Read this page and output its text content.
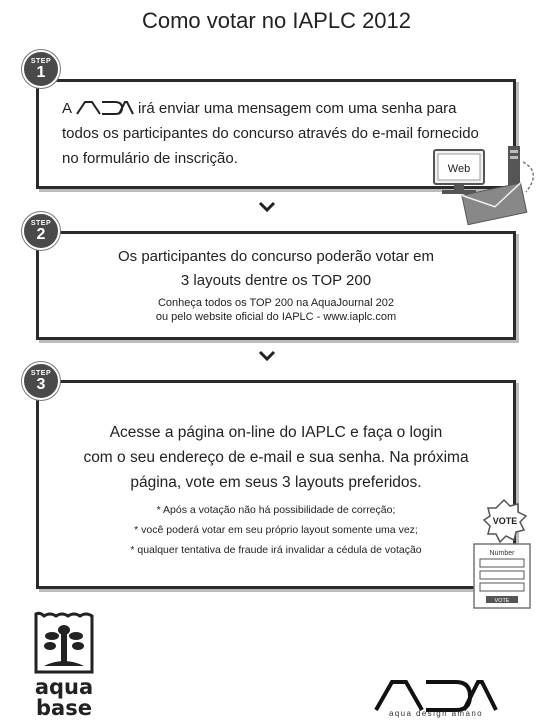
Como votar no IAPLC 2012
STEP
1
A	irá enviar uma mensagem com uma senha para todos os participantes do concurso através do e-mail fornecido no formulário de inscrição.
Web
STEP
2
Os participantes do concurso poderão votar em
3 layouts dentre os TOP 200
Conheça todos os TOP 200 na AquaJournal 202
ou pelo website oficial do IAPLC - www.iaplc.com
STEP
3
Acesse a página on-line do IAPLC e faça o login
com o seu endereço de e-mail e sua senha. Na próxima
página, vote em seus 3 layouts preferidos.
* Após a votação não há possibilidade de correção;
* você poderá votar em seu próprio layout somente uma vez;
* qualquer tentativa de fraude irá invalidar a cédula de votação
VOTE
Number
VOTE
aqua
base	aqua design amano
